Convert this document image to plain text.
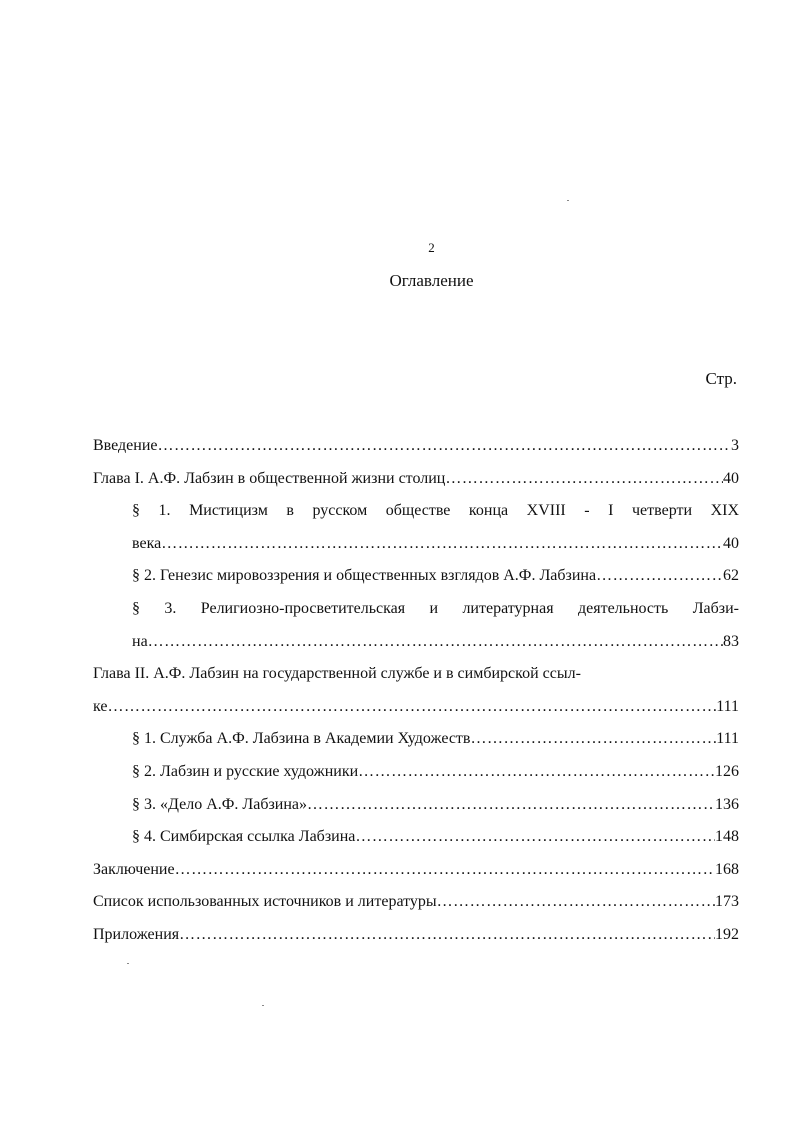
2
Оглавление
Стр.
Введение ……………………………………………………………………………………………………………………………………………………………	3
Глава I. А.Ф. Лабзин в общественной жизни столиц ……………………………………………………………………………………………………………………………………………………………	40
§ 1. Мистицизм в русском обществе конца XVIII - I четверти XIX
века ……………………………………………………………………………………………………………………………………………………………	40
§ 2. Генезис мировоззрения и общественных взглядов А.Ф. Лабзина ……………………………………………………………………………………………………………………………………………………………	62
§ 3. Религиозно-просветительская и литературная деятельность Лабзи-
на ……………………………………………………………………………………………………………………………………………………………	83
Глава II. А.Ф. Лабзин на государственной службе и в симбирской ссыл-
ке ……………………………………………………………………………………………………………………………………………………………	111
§ 1. Служба А.Ф. Лабзина в Академии Художеств ……………………………………………………………………………………………………………………………………………………………	111
§ 2. Лабзин и русские художники ……………………………………………………………………………………………………………………………………………………………	126
§ 3. «Дело А.Ф. Лабзина» ……………………………………………………………………………………………………………………………………………………………	136
§ 4. Симбирская ссылка Лабзина ……………………………………………………………………………………………………………………………………………………………	148
Заключение ……………………………………………………………………………………………………………………………………………………………	168
Список использованных источников и литературы ……………………………………………………………………………………………………………………………………………………………	173
Приложения ……………………………………………………………………………………………………………………………………………………………	192
